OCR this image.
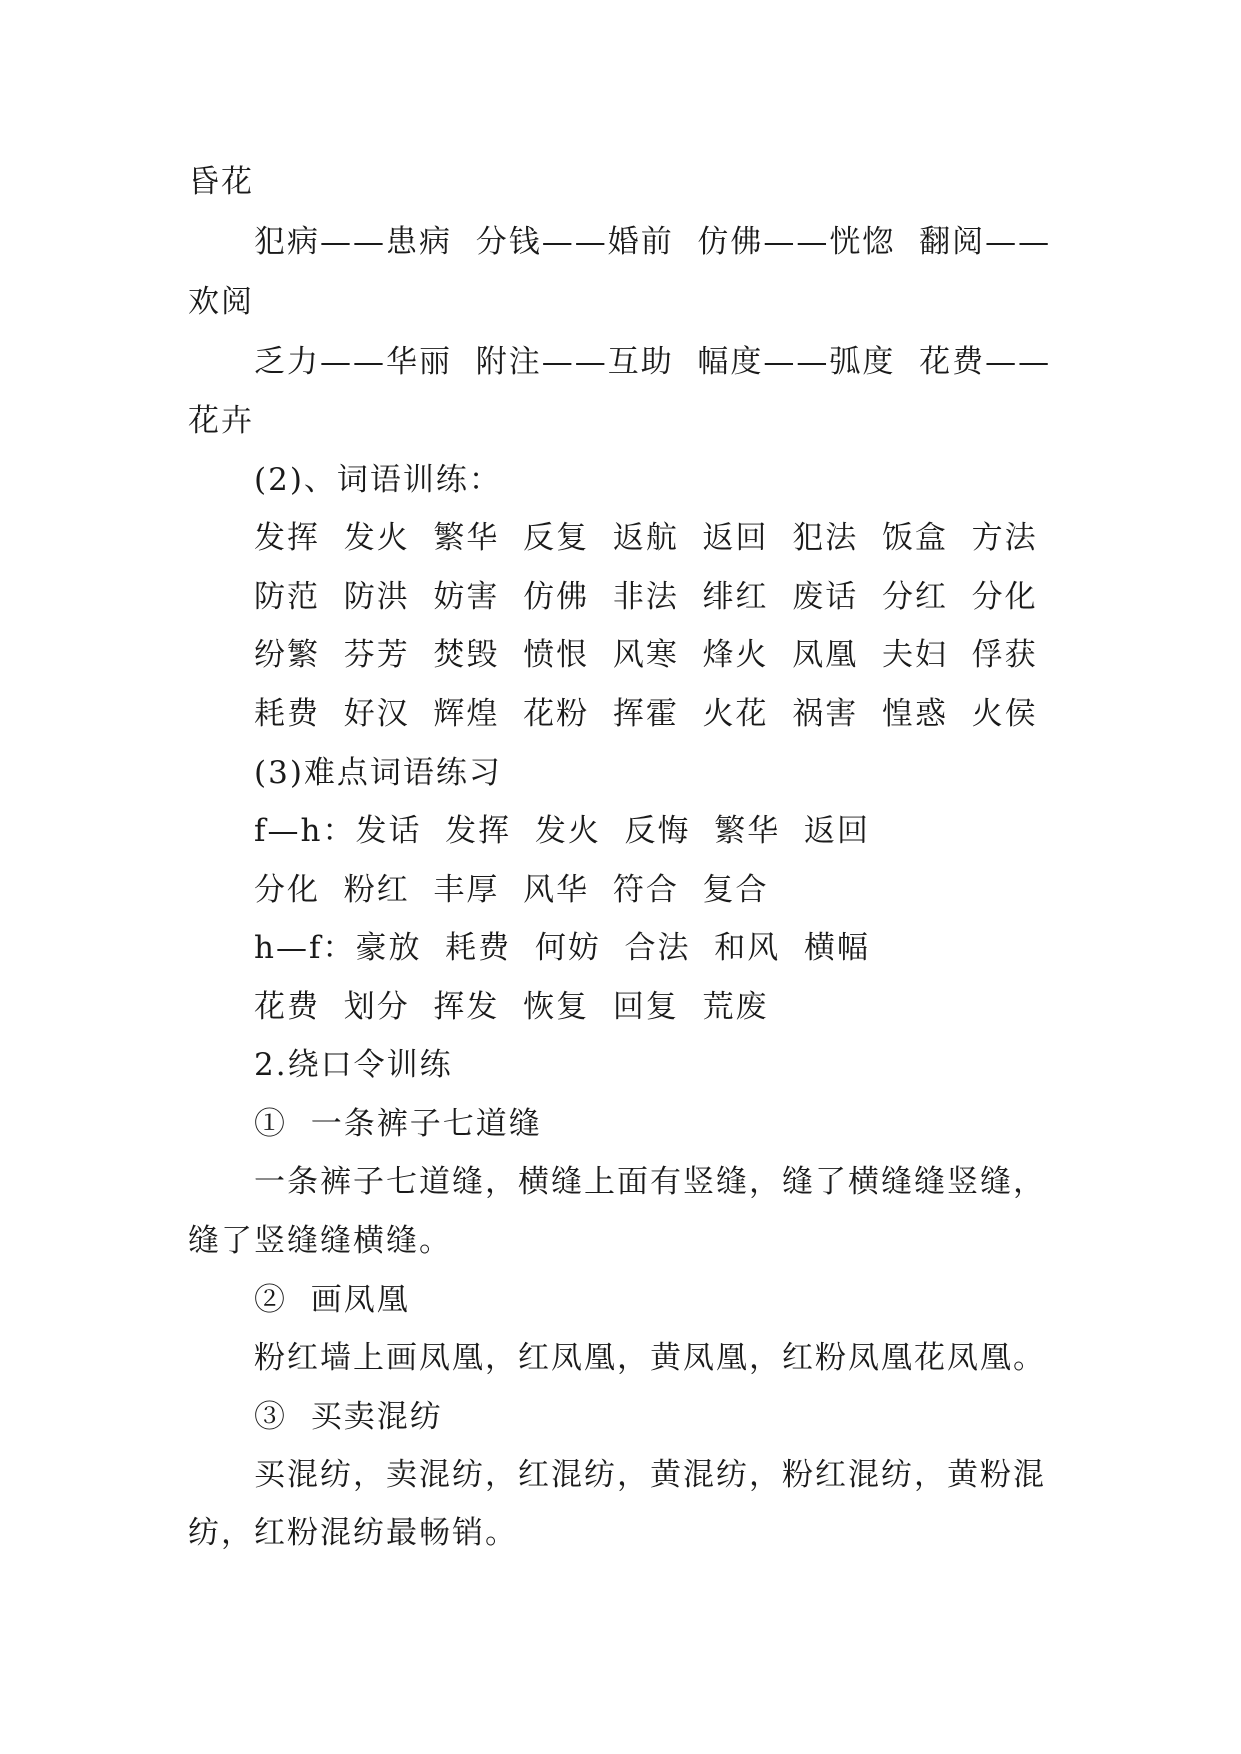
昏花
犯病——患病  分钱——婚前  仿佛——恍惚  翻阅——
欢阅
乏力——华丽  附注——互助  幅度——弧度  花费——
花卉
(2)、词语训练：
发挥  发火  繁华  反复  返航  返回  犯法  饭盒  方法
防范  防洪  妨害  仿佛  非法  绯红  废话  分红  分化
纷繁  芬芳  焚毁  愤恨  风寒  烽火  凤凰  夫妇  俘获
耗费  好汉  辉煌  花粉  挥霍  火花  祸害  惶惑  火侯
(3)难点词语练习
f—h：发话  发挥  发火  反悔  繁华  返回
分化  粉红  丰厚  风华  符合  复合
h—f：豪放  耗费  何妨  合法  和风  横幅
花费  划分  挥发  恢复  回复  荒废
2.绕口令训练
①  一条裤子七道缝
一条裤子七道缝，横缝上面有竖缝，缝了横缝缝竖缝，
缝了竖缝缝横缝。
②  画凤凰
粉红墙上画凤凰，红凤凰，黄凤凰，红粉凤凰花凤凰。
③  买卖混纺
买混纺，卖混纺，红混纺，黄混纺，粉红混纺，黄粉混
纺，红粉混纺最畅销。
